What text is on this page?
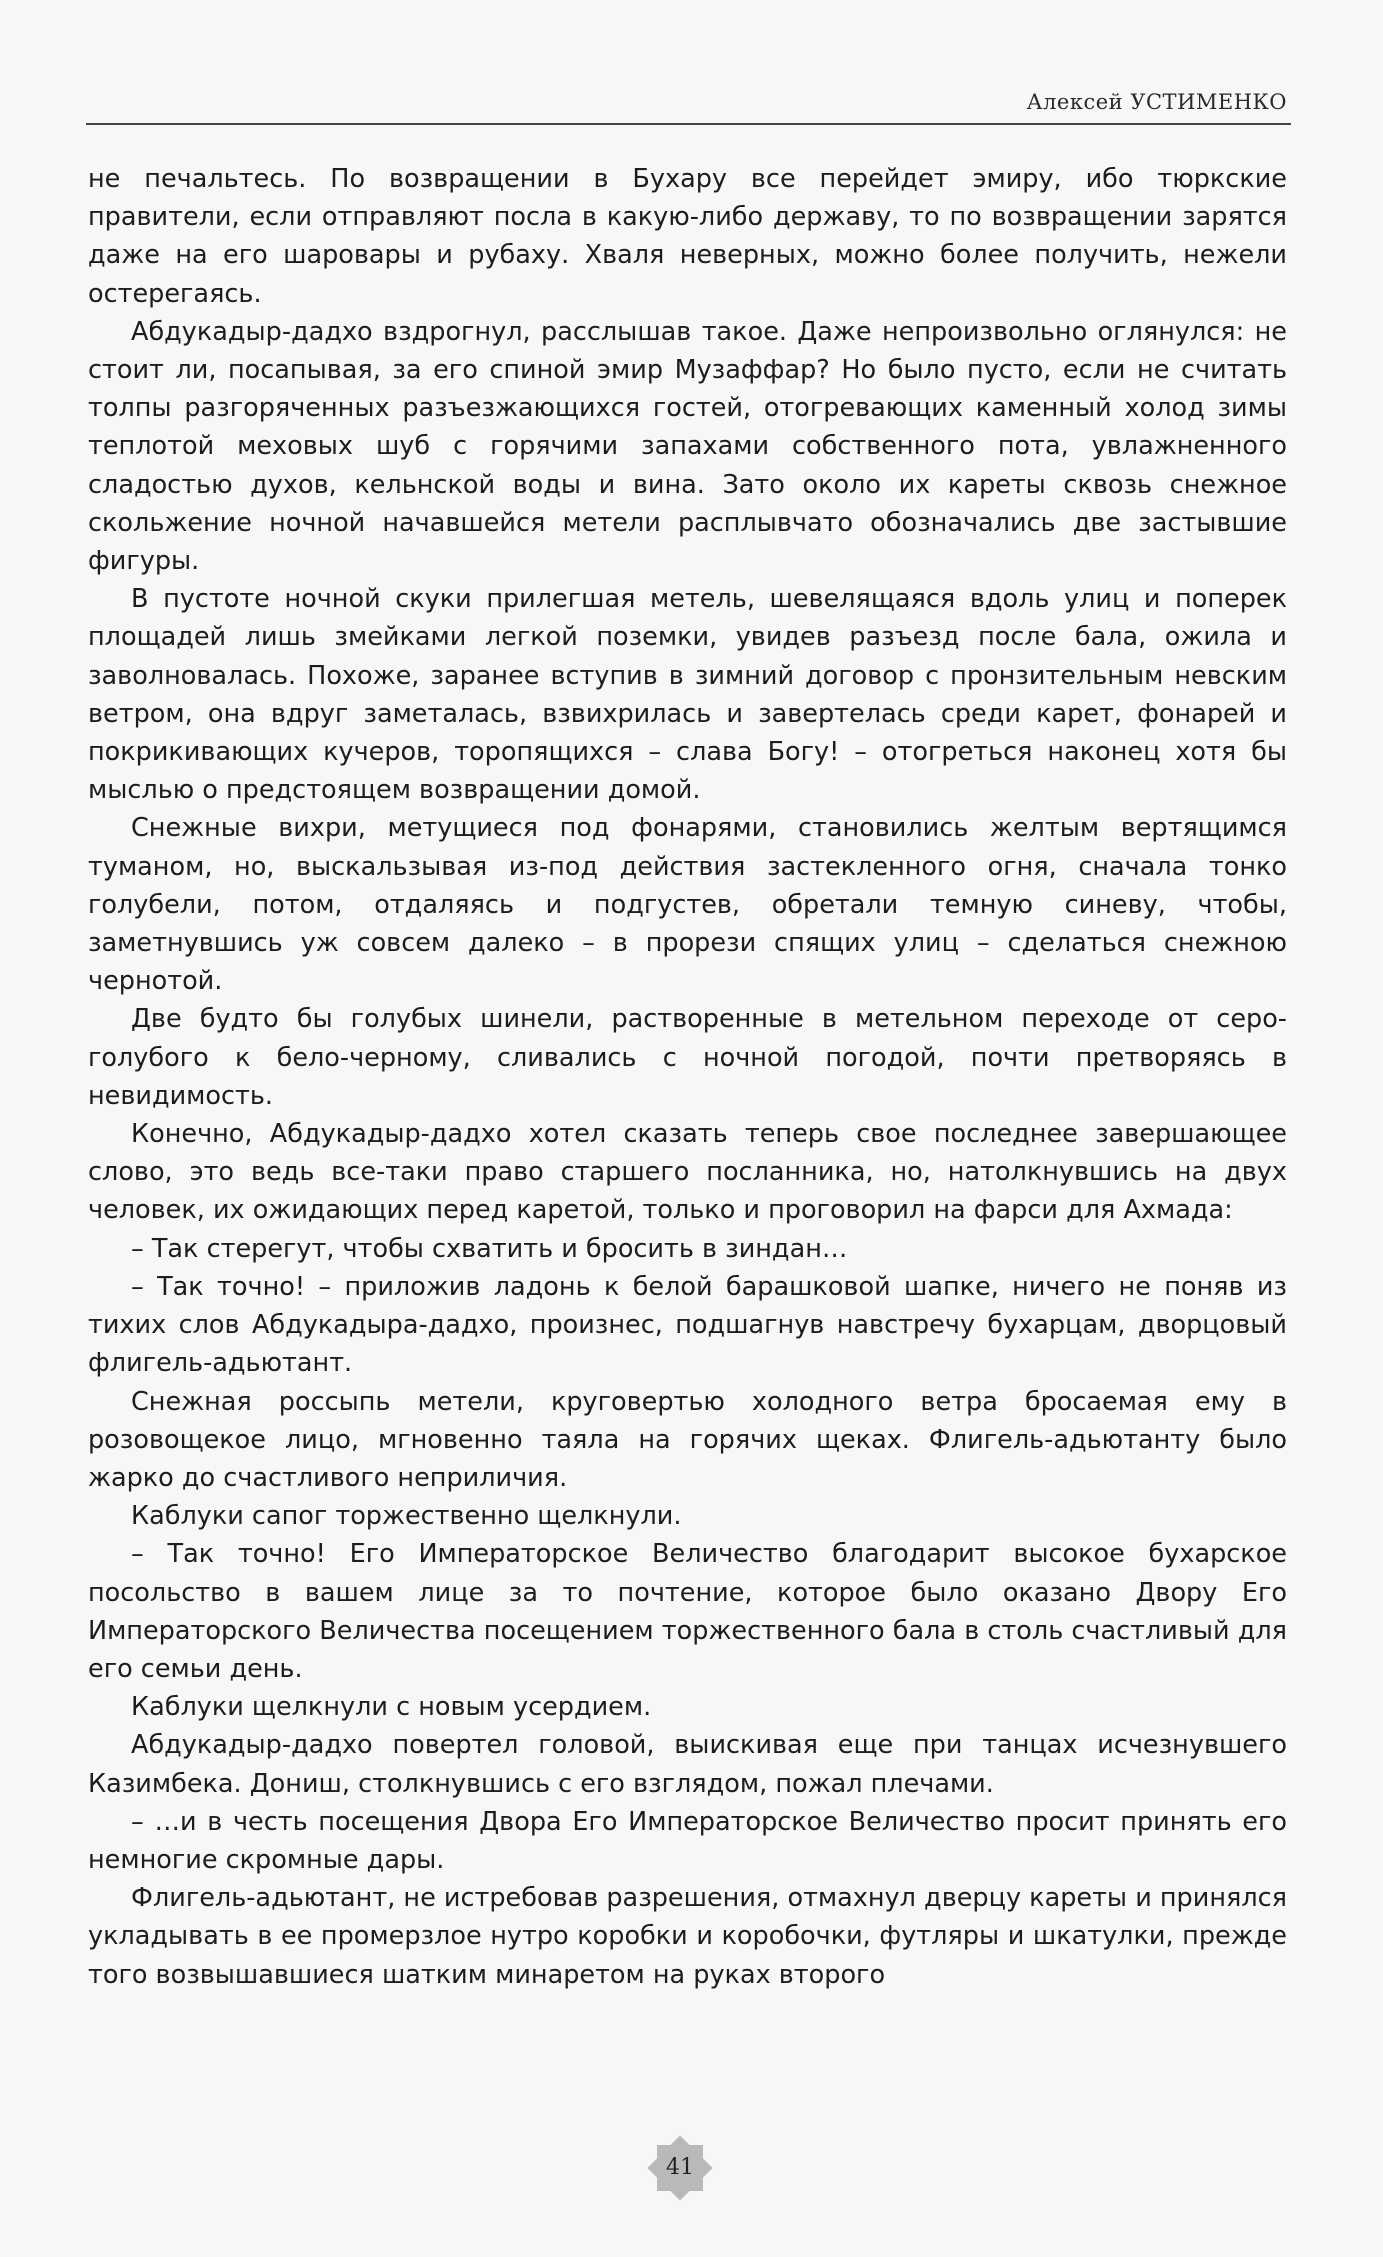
Алексей УСТИМЕНКО

не печальтесь. По возвращении в Бухару все перейдет эмиру, ибо тюркские правители, если отправляют посла в какую-либо державу, то по возвращении зарятся даже на его шаровары и рубаху. Хваля неверных, можно более получить, нежели остерегаясь.

Абдукадыр-дадхо вздрогнул, расслышав такое. Даже непроизвольно оглянулся: не стоит ли, посапывая, за его спиной эмир Музаффар? Но было пусто, если не считать толпы разгоряченных разъезжающихся гостей, отогревающих каменный холод зимы теплотой меховых шуб с горячими запахами собственного пота, увлажненного сладостью духов, кельнской воды и вина. Зато около их кареты сквозь снежное скольжение ночной начавшейся метели расплывчато обозначались две застывшие фигуры.

В пустоте ночной скуки прилегшая метель, шевелящаяся вдоль улиц и поперек площадей лишь змейками легкой поземки, увидев разъезд после бала, ожила и заволновалась. Похоже, заранее вступив в зимний договор с пронзительным невским ветром, она вдруг заметалась, взвихрилась и завертелась среди карет, фонарей и покрикивающих кучеров, торопящихся – слава Богу! – отогреться наконец хотя бы мыслью о предстоящем возвращении домой.

Снежные вихри, метущиеся под фонарями, становились желтым вертящимся туманом, но, выскальзывая из-под действия застекленного огня, сначала тонко голубели, потом, отдаляясь и подгустев, обретали темную синеву, чтобы, заметнувшись уж совсем далеко – в прорези спящих улиц – сделаться снежною чернотой.

Две будто бы голубых шинели, растворенные в метельном переходе от серо-голубого к бело-черному, сливались с ночной погодой, почти претворяясь в невидимость.

Конечно, Абдукадыр-дадхо хотел сказать теперь свое последнее завершающее слово, это ведь все-таки право старшего посланника, но, натолкнувшись на двух человек, их ожидающих перед каретой, только и проговорил на фарси для Ахмада:

– Так стерегут, чтобы схватить и бросить в зиндан…

– Так точно! – приложив ладонь к белой барашковой шапке, ничего не поняв из тихих слов Абдукадыра-дадхо, произнес, подшагнув навстречу бухарцам, дворцовый флигель-адьютант.

Снежная россыпь метели, круговертью холодного ветра бросаемая ему в розовощекое лицо, мгновенно таяла на горячих щеках. Флигель-адьютанту было жарко до счастливого неприличия.

Каблуки сапог торжественно щелкнули.

– Так точно! Его Императорское Величество благодарит высокое бухарское посольство в вашем лице за то почтение, которое было оказано Двору Его Императорского Величества посещением торжественного бала в столь счастливый для его семьи день.

Каблуки щелкнули с новым усердием.

Абдукадыр-дадхо повертел головой, выискивая еще при танцах исчезнувшего Казимбека. Дониш, столкнувшись с его взглядом, пожал плечами.

– …и в честь посещения Двора Его Императорское Величество просит принять его немногие скромные дары.

Флигель-адьютант, не истребовав разрешения, отмахнул дверцу кареты и принялся укладывать в ее промерзлое нутро коробки и коробочки, футляры и шкатулки, прежде того возвышавшиеся шатким минаретом на руках второго

41
